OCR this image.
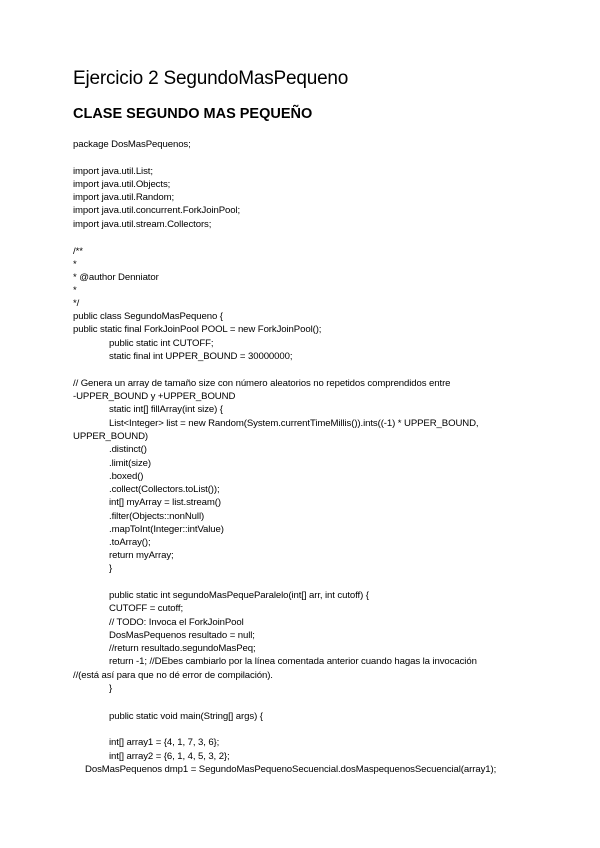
Ejercicio 2 SegundoMasPequeno
CLASE SEGUNDO MAS PEQUEÑO
package DosMasPequenos;
import java.util.List;
import java.util.Objects;
import java.util.Random;
import java.util.concurrent.ForkJoinPool;
import java.util.stream.Collectors;
/**
*
* @author Denniator
*
*/
public class SegundoMasPequeno {
public static final ForkJoinPool POOL = new ForkJoinPool();
public static int CUTOFF;
static final int UPPER_BOUND = 30000000;
// Genera un array de tamaño size con número aleatorios no repetidos comprendidos entre
-UPPER_BOUND y +UPPER_BOUND
static int[] fillArray(int size) {
List<Integer> list = new Random(System.currentTimeMillis()).ints((-1) * UPPER_BOUND,
UPPER_BOUND)
.distinct()
.limit(size)
.boxed()
.collect(Collectors.toList());
int[] myArray = list.stream()
.filter(Objects::nonNull)
.mapToInt(Integer::intValue)
.toArray();
return myArray;
}
public static int segundoMasPequeParalelo(int[] arr, int cutoff) {
CUTOFF = cutoff;
// TODO: Invoca el ForkJoinPool
DosMasPequenos resultado = null;
//return resultado.segundoMasPeq;
return -1; //DEbes cambiarlo por la línea comentada anterior cuando hagas la invocación
//(está así para que no dé error de compilación).
}
public static void main(String[] args) {
int[] array1 = {4, 1, 7, 3, 6};
int[] array2 = {6, 1, 4, 5, 3, 2};
DosMasPequenos dmp1 = SegundoMasPequenoSecuencial.dosMaspequenosSecuencial(array1);
